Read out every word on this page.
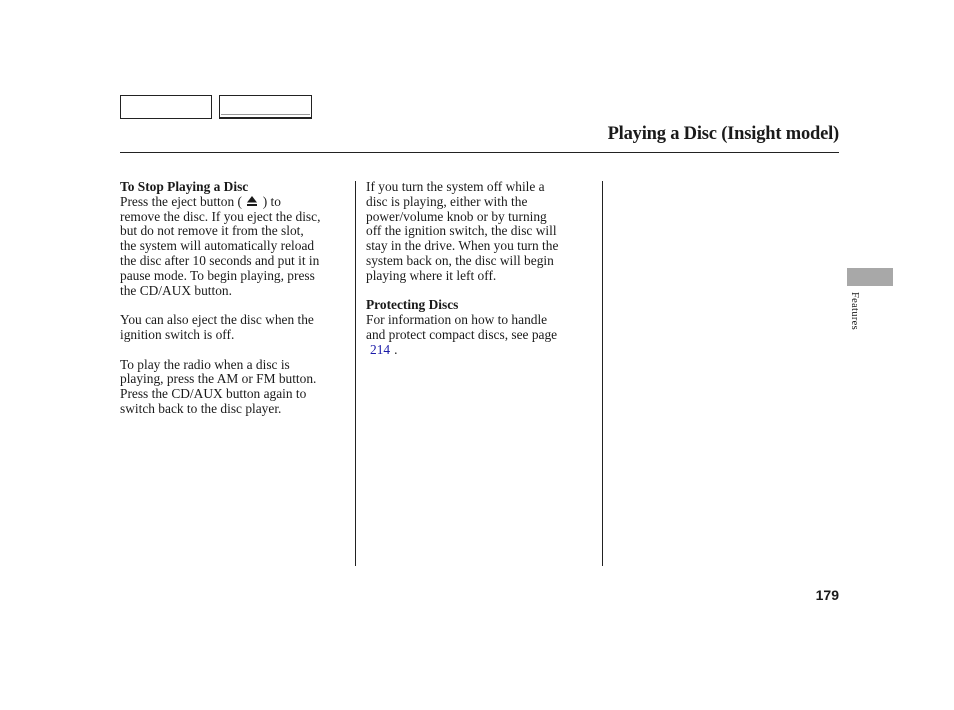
Playing a Disc (Insight model)
To Stop Playing a Disc

Press the eject button ( ) to
remove the disc. If you eject the disc,
but do not remove it from the slot,
the system will automatically reload
the disc after 10 seconds and put it in
pause mode. To begin playing, press
the CD/AUX button.

You can also eject the disc when the
ignition switch is off.

To play the radio when a disc is
playing, press the AM or FM button.
Press the CD/AUX button again to
switch back to the disc player.

If you turn the system off while a
disc is playing, either with the
power/volume knob or by turning
off the ignition switch, the disc will
stay in the drive. When you turn the
system back on, the disc will begin
playing where it left off.

Protecting Discs

For information on how to handle
and protect compact discs, see page
214 .

Features
179
